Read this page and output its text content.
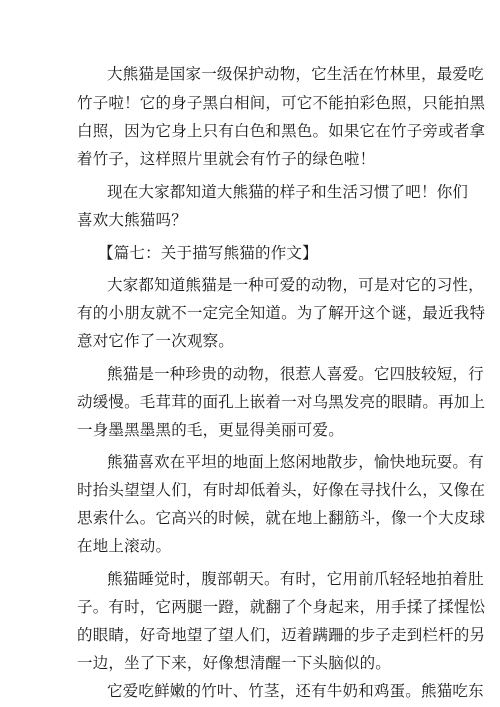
大熊猫是国家一级保护动物，它生活在竹林里，最爱吃
竹子啦！它的身子黑白相间，可它不能拍彩色照，只能拍黑
白照，因为它身上只有白色和黑色。如果它在竹子旁或者拿
着竹子，这样照片里就会有竹子的绿色啦！
现在大家都知道大熊猫的样子和生活习惯了吧！你们
喜欢大熊猫吗？
【篇七：关于描写熊猫的作文】
大家都知道熊猫是一种可爱的动物，可是对它的习性，
有的小朋友就不一定完全知道。为了解开这个谜，最近我特
意对它作了一次观察。
熊猫是一种珍贵的动物，很惹人喜爱。它四肢较短，行
动缓慢。毛茸茸的面孔上嵌着一对乌黑发亮的眼睛。再加上
一身墨黑墨黑的毛，更显得美丽可爱。
熊猫喜欢在平坦的地面上悠闲地散步，愉快地玩耍。有
时抬头望望人们，有时却低着头，好像在寻找什么，又像在
思索什么。它高兴的时候，就在地上翻筋斗，像一个大皮球
在地上滚动。
熊猫睡觉时，腹部朝天。有时，它用前爪轻轻地拍着肚
子。有时，它两腿一蹬，就翻了个身起来，用手揉了揉惺忪
的眼睛，好奇地望了望人们，迈着蹒跚的步子走到栏杆的另
一边，坐了下来，好像想清醒一下头脑似的。
它爱吃鲜嫩的竹叶、竹茎，还有牛奶和鸡蛋。熊猫吃东
